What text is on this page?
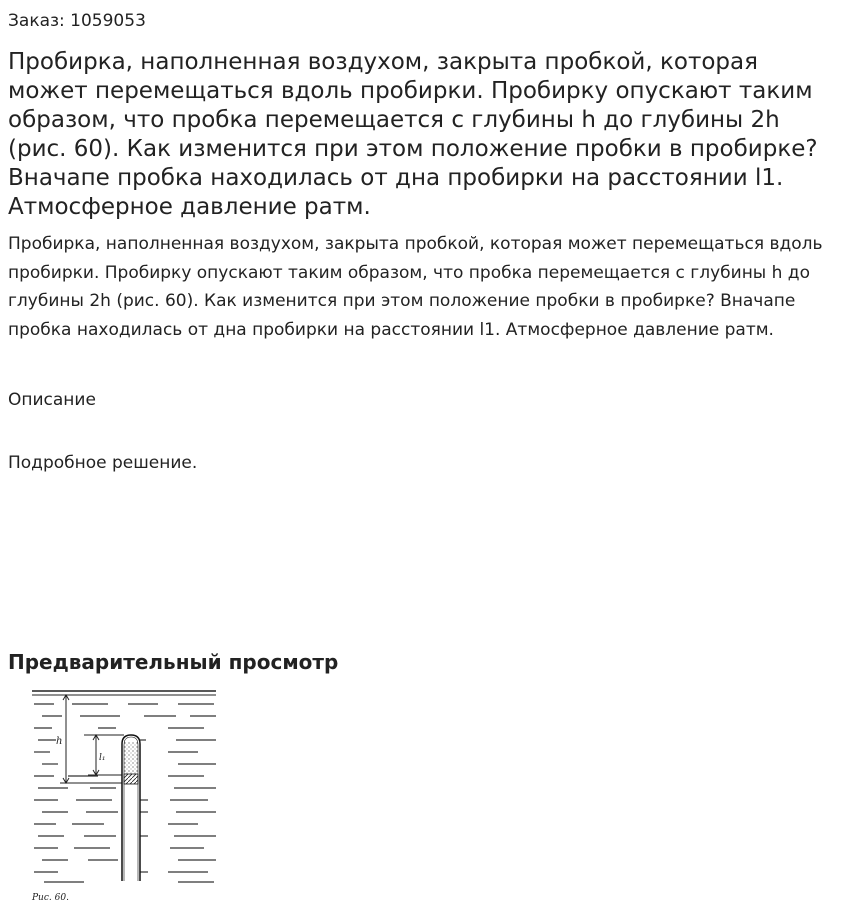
Заказ: 1059053

Пробирка, наполненная воздухом, закрыта пробкой, которая может перемещаться вдоль пробирки. Пробирку опускают таким образом, что пробка перемещается с глубины h до глубины 2h (рис. 60). Как изменится при этом положение пробки в пробирке? Вначапе пробка находилась от дна пробирки на расстоянии l1. Атмосферное давление pатм.

Пробирка, наполненная воздухом, закрыта пробкой, которая может перемещаться вдоль пробирки. Пробирку опускают таким образом, что пробка перемещается с глубины h до глубины 2h (рис. 60). Как изменится при этом положение пробки в пробирке? Вначапе пробка находилась от дна пробирки на расстоянии l1. Атмосферное давление pатм.

Описание

Подробное решение.

Предварительный просмотр
h
l₁
Рис. 60.
